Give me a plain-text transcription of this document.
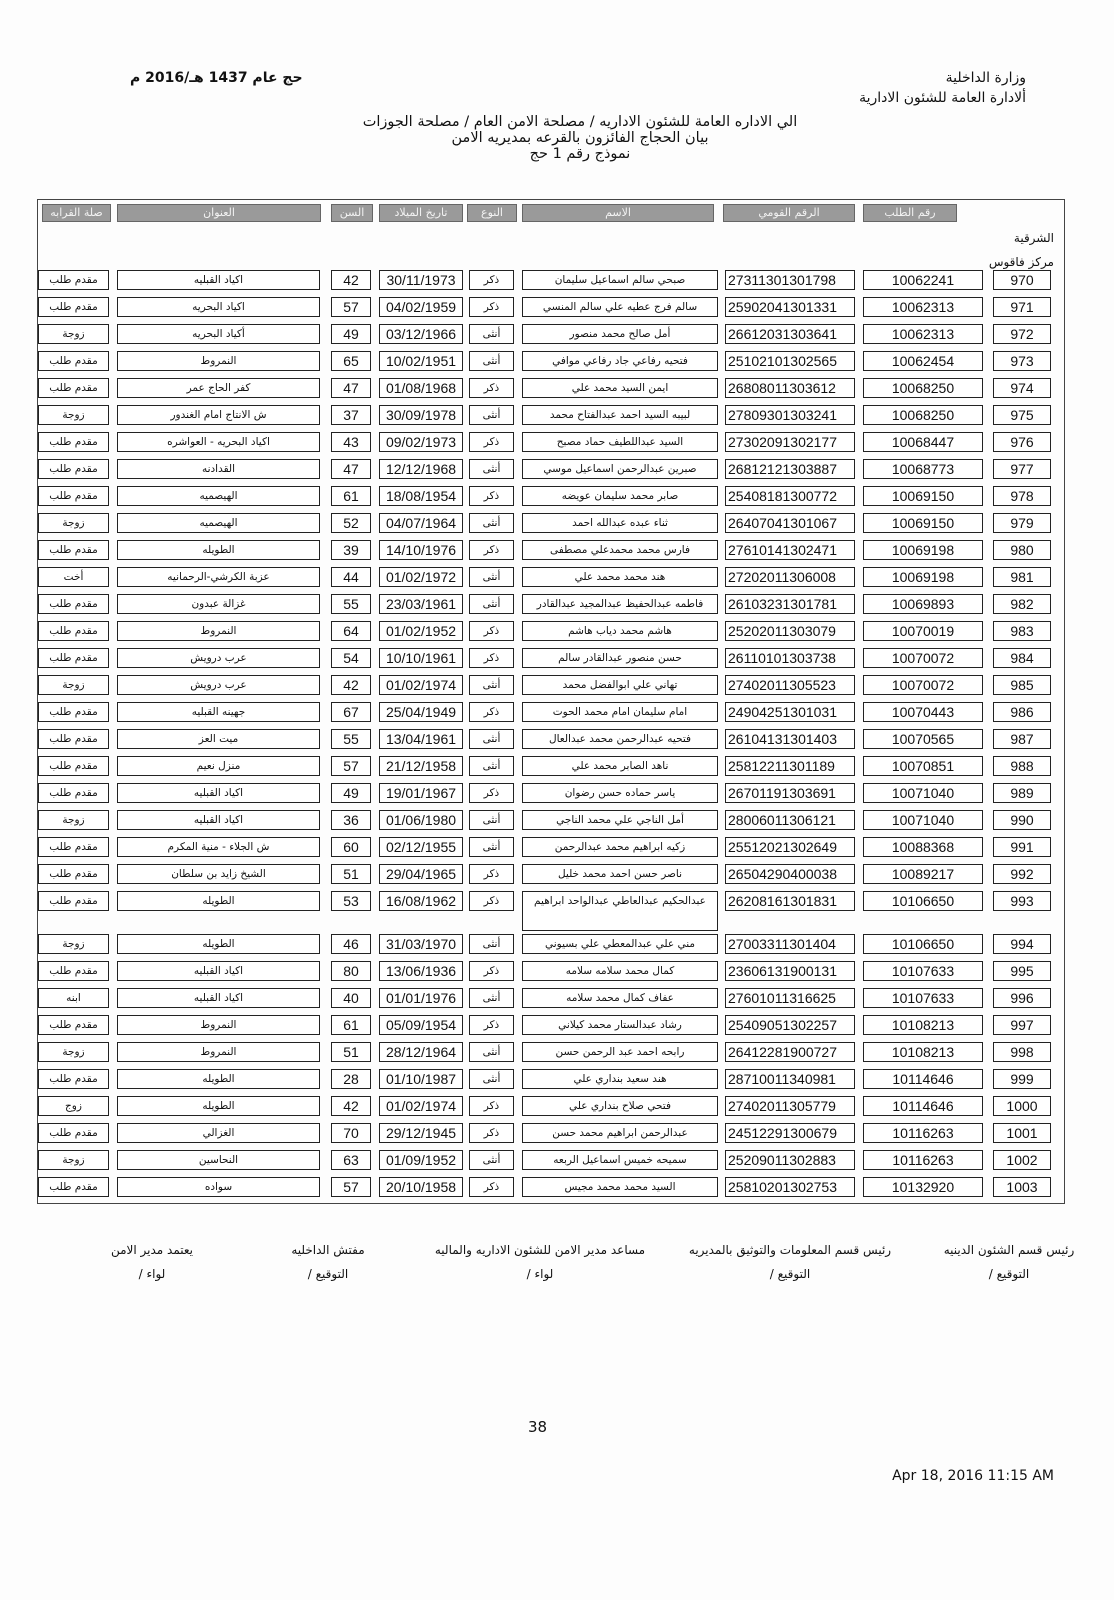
وزارة الداخلية
ألادارة العامة للشئون الادارية
حج عام 1437 هـ/2016 م
الي الاداره العامة للشئون الاداريه / مصلحة الامن العام / مصلحة الجوزات
بيان الحجاج الفائزون بالقرعه بمديريه الامن
نموذج رقم 1 حج
رقم الطلب
الرقم القومي
الاسم
النوع
تاريخ الميلاد
السن
العنوان
صلة القرابه
الشرقية
مركز فاقوس
970
10062241
27311301301798
صبحي سالم اسماعيل سليمان
ذكر
30/11/1973
42
اكياد القبليه
مقدم طلب
971
10062313
25902041301331
سالم فرج عطيه علي سالم المنسي
ذكر
04/02/1959
57
اكياد البحريه
مقدم طلب
972
10062313
26612031303641
أمل صالح محمد منصور
أنثى
03/12/1966
49
أكياد البحريه
زوجة
973
10062454
25102101302565
فتحيه رفاعي جاد رفاعي موافي
أنثى
10/02/1951
65
النمروط
مقدم طلب
974
10068250
26808011303612
ايمن السيد محمد علي
ذكر
01/08/1968
47
كفر الحاج عمر
مقدم طلب
975
10068250
27809301303241
لبيبه السيد احمد عبدالفتاح محمد
أنثى
30/09/1978
37
ش الانتاج امام الغندور
زوجة
976
10068447
27302091302177
السيد عبداللطيف حماد مصبح
ذكر
09/02/1973
43
اكياد البحريه - العواشره
مقدم طلب
977
10068773
26812121303887
صبرين عبدالرحمن اسماعيل موسي
أنثى
12/12/1968
47
القدادنه
مقدم طلب
978
10069150
25408181300772
صابر محمد سليمان عويضه
ذكر
18/08/1954
61
الهيصميه
مقدم طلب
979
10069150
26407041301067
ثناء عبده عبدالله احمد
أنثى
04/07/1964
52
الهيصميه
زوجة
980
10069198
27610141302471
فارس محمد محمدعلي مصطفى
ذكر
14/10/1976
39
الطويله
مقدم طلب
981
10069198
27202011306008
هند محمد محمد علي
أنثى
01/02/1972
44
عزبة الكرشي-الرحمانيه
أخت
982
10069893
26103231301781
فاطمه عبدالحفيظ عبدالمجيد عبدالقادر
أنثى
23/03/1961
55
غزالة عبدون
مقدم طلب
983
10070019
25202011303079
هاشم محمد دياب هاشم
ذكر
01/02/1952
64
النمروط
مقدم طلب
984
10070072
26110101303738
حسن منصور عبدالقادر سالم
ذكر
10/10/1961
54
عرب درويش
مقدم طلب
985
10070072
27402011305523
تهاني علي ابوالفضل محمد
أنثى
01/02/1974
42
عرب درويش
زوجة
986
10070443
24904251301031
امام سليمان امام محمد الحوت
ذكر
25/04/1949
67
جهينه القبليه
مقدم طلب
987
10070565
26104131301403
فتحيه عبدالرحمن محمد عبدالعال
أنثى
13/04/1961
55
ميت العز
مقدم طلب
988
10070851
25812211301189
ناهد الصابر محمد علي
أنثى
21/12/1958
57
منزل نعيم
مقدم طلب
989
10071040
26701191303691
ياسر حماده حسن رضوان
ذكر
19/01/1967
49
اكياد القبليه
مقدم طلب
990
10071040
28006011306121
أمل الناجي علي محمد الناجي
أنثى
01/06/1980
36
اكياد القبليه
زوجة
991
10088368
25512021302649
زكيه ابراهيم محمد عبدالرحمن
أنثى
02/12/1955
60
ش الجلاء - منية المكرم
مقدم طلب
992
10089217
26504290400038
ناصر حسن احمد محمد خليل
ذكر
29/04/1965
51
الشيخ زايد بن سلطان
مقدم طلب
993
10106650
26208161301831
عبدالحكيم عبدالعاطي عبدالواحد ابراهيم
ذكر
16/08/1962
53
الطويله
مقدم طلب
994
10106650
27003311301404
مني علي عبدالمعطي علي بسيوني
أنثى
31/03/1970
46
الطويله
زوجة
995
10107633
23606131900131
كمال محمد سلامه سلامه
ذكر
13/06/1936
80
اكياد القبليه
مقدم طلب
996
10107633
27601011316625
عفاف كمال محمد سلامه
أنثى
01/01/1976
40
اكياد القبليه
ابنه
997
10108213
25409051302257
رشاد عبدالستار محمد كيلاني
ذكر
05/09/1954
61
النمروط
مقدم طلب
998
10108213
26412281900727
رابحه احمد عبد الرحمن حسن
أنثى
28/12/1964
51
النمروط
زوجة
999
10114646
28710011340981
هند سعيد بنداري علي
أنثى
01/10/1987
28
الطويله
مقدم طلب
1000
10114646
27402011305779
فتحي صلاح بنداري علي
ذكر
01/02/1974
42
الطويله
زوج
1001
10116263
24512291300679
عبدالرحمن ابراهيم محمد حسن
ذكر
29/12/1945
70
الغزالي
مقدم طلب
1002
10116263
25209011302883
سميحه خميس اسماعيل الربعه
أنثى
01/09/1952
63
النحاسين
زوجة
1003
10132920
25810201302753
السيد محمد محمد مجيس
ذكر
20/10/1958
57
سواده
مقدم طلب
رئيس قسم الشئون الدينيه
التوقيع /
رئيس قسم المعلومات والتوثيق بالمديريه
التوقيع /
مساعد مدير الامن للشئون الاداريه والماليه
لواء /
مفتش الداخليه
التوقيع /
يعتمد مدير الامن
لواء /
38
Apr 18, 2016 11:15 AM
